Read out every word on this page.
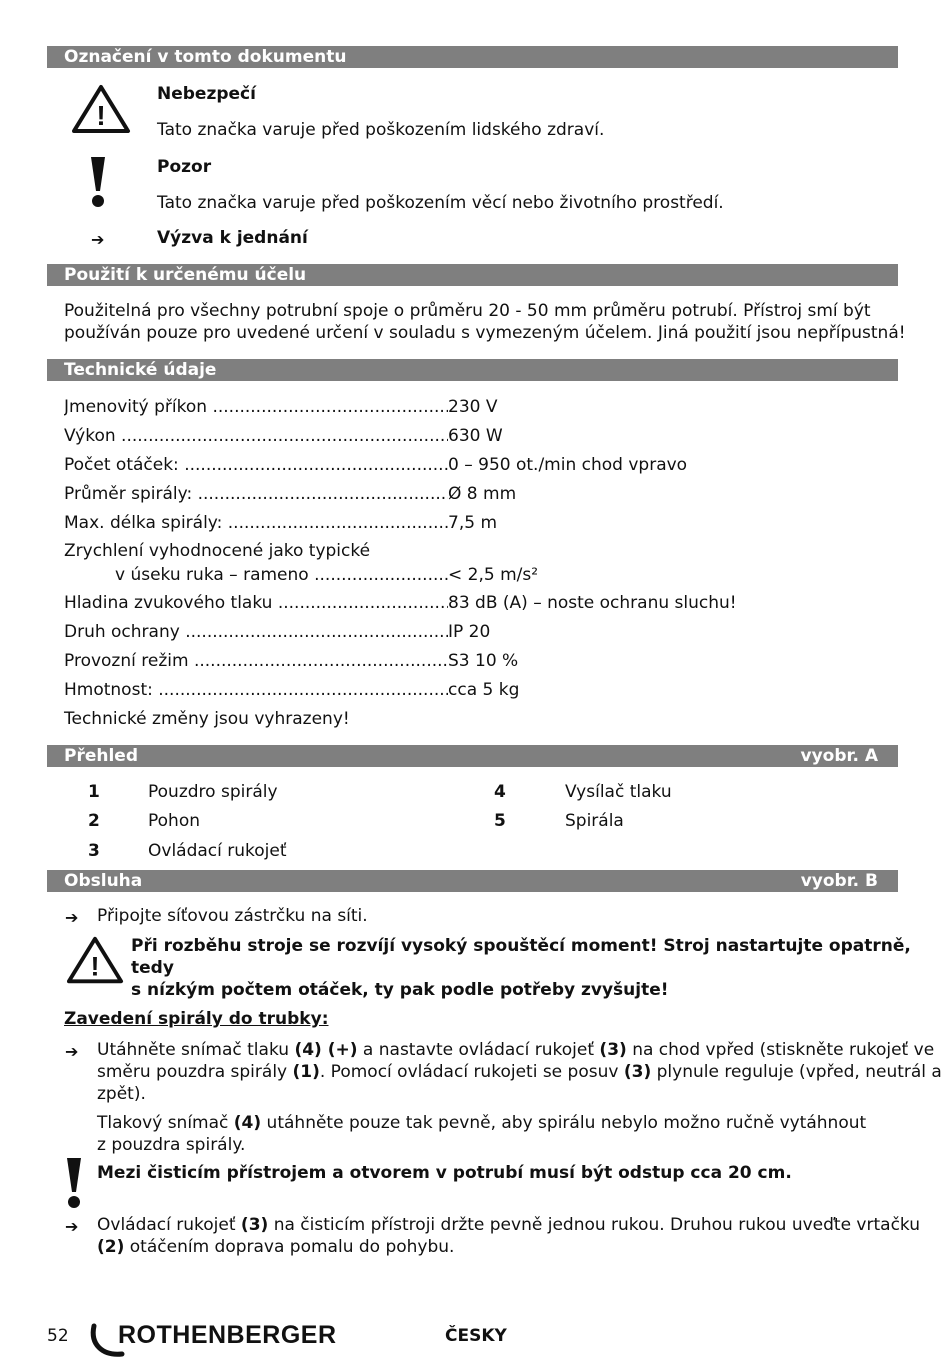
Označení v tomto dokumentu
!
Nebezpečí
Tato značka varuje před poškozením lidského zdraví.
Pozor
Tato značka varuje před poškozením věcí nebo životního prostředí.
➔	Výzva k jednání
Použití k určenému účelu
Použitelná pro všechny potrubní spoje o průměru 20 - 50 mm průměru potrubí. Přístroj smí být
používán pouze pro uvedené určení v souladu s vymezeným účelem. Jiná použití jsou nepřípustná!
Technické údaje
Jmenovitý příkon .....	230 V
Výkon .....	630 W
Počet otáček: .....	0 – 950 ot./min chod vpravo
Průměr spirály: .....	Ø 8 mm
Max. délka spirály: .....	7,5 m
Zrychlení vyhodnocené jako typické
v úseku ruka – rameno .....	< 2,5 m/s²
Hladina zvukového tlaku .....	83 dB (A) – noste ochranu sluchu!
Druh ochrany .....	IP 20
Provozní režim .....	S3 10 %
Hmotnost: .....	cca 5 kg
Technické změny jsou vyhrazeny!
Přehled	vyobr. A
1	Pouzdro spirály
2	Pohon
3	Ovládací rukojeť
4	Vysílač tlaku
5	Spirála
Obsluha	vyobr. B
➔ Připojte síťovou zástrčku na síti.
!
Při rozběhu stroje se rozvíjí vysoký spouštěcí moment! Stroj nastartujte opatrně, tedy
s nízkým počtem otáček, ty pak podle potřeby zvyšujte!
Zavedení spirály do trubky:
➔ Utáhněte snímač tlaku (4) (+) a nastavte ovládací rukojeť (3) na chod vpřed (stiskněte rukojeť ve
směru pouzdra spirály (1). Pomocí ovládací rukojeti se posuv (3) plynule reguluje (vpřed, neutrál a
zpět).
Tlakový snímač (4) utáhněte pouze tak pevně, aby spirálu nebylo možno ručně vytáhnout
z pouzdra spirály.
Mezi čisticím přístrojem a otvorem v potrubí musí být odstup cca 20 cm.
➔ Ovládací rukojeť (3) na čisticím přístroji držte pevně jednou rukou. Druhou rukou uveďte vrtačku
(2) otáčením doprava pomalu do pohybu.
52 ROTHENBERGER	ČESKY
